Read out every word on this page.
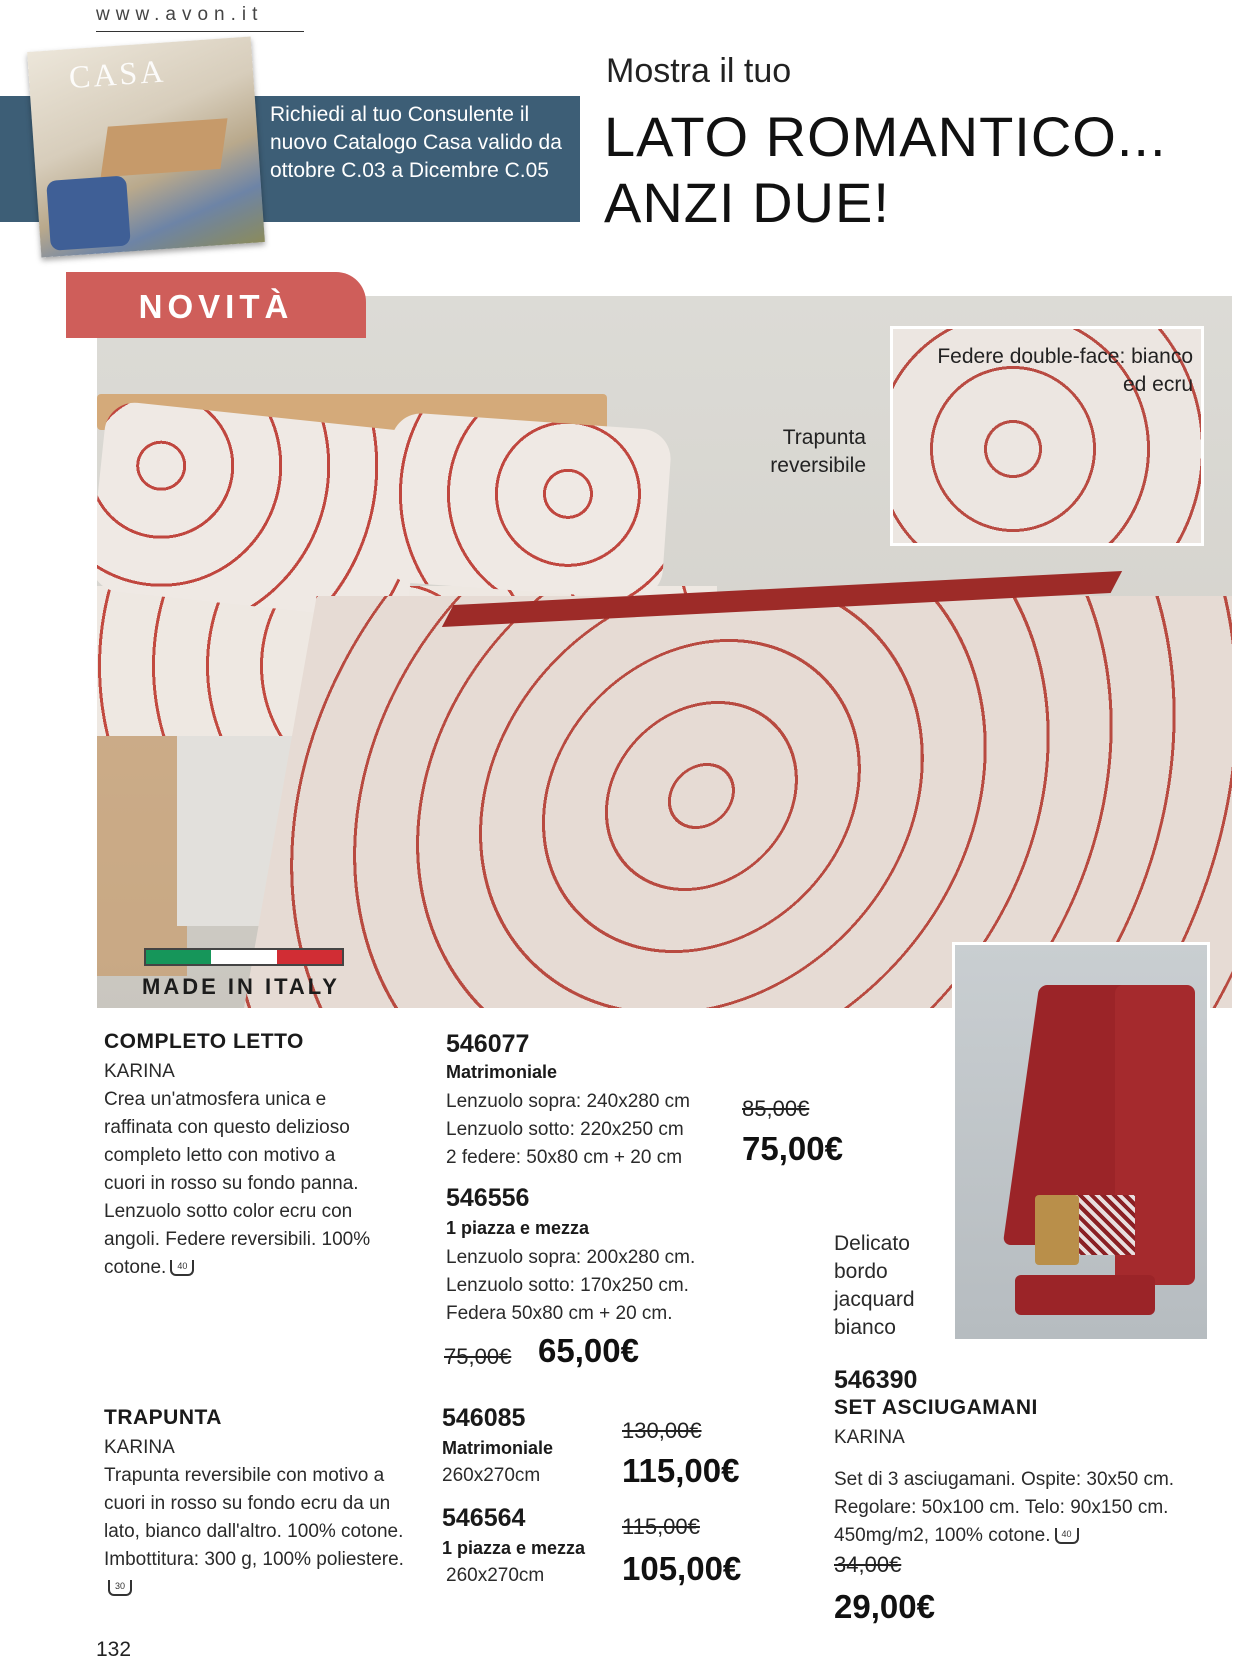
www.avon.it
CASA
Richiedi al tuo Consulente il nuovo Catalogo Casa valido da ottobre C.03 a Dicembre C.05
Mostra il tuo
LATO ROMANTICO...
ANZI DUE!
NOVITÀ
MADE IN ITALY
Federe double-face: bianco ed ecru
Trapunta reversibile
COMPLETO LETTO
KARINA
Crea un'atmosfera unica e raffinata con questo delizioso completo letto con motivo a cuori in rosso su fondo panna. Lenzuolo sotto color ecru con angoli. Federe reversibili. 100% cotone. 40
546077
Matrimoniale
Lenzuolo sopra: 240x280 cm
Lenzuolo sotto: 220x250 cm
2 federe: 50x80 cm + 20 cm
85,00€
75,00€
546556
1 piazza e mezza
Lenzuolo sopra: 200x280 cm.
Lenzuolo sotto: 170x250 cm.
Federa 50x80 cm + 20 cm.
75,00€ 65,00€
TRAPUNTA
KARINA
Trapunta reversibile con motivo a cuori in rosso su fondo ecru da un lato, bianco dall'altro. 100% cotone. Imbottitura: 300 g, 100% poliestere.30
546085
Matrimoniale
260x270cm
130,00€
115,00€
546564
1 piazza e mezza
260x270cm
115,00€
105,00€
Delicato bordo jacquard bianco
546390
SET ASCIUGAMANI
KARINA
Set di 3 asciugamani. Ospite: 30x50 cm. Regolare: 50x100 cm. Telo: 90x150 cm. 450mg/m2, 100% cotone. 40
34,00€
29,00€
132
